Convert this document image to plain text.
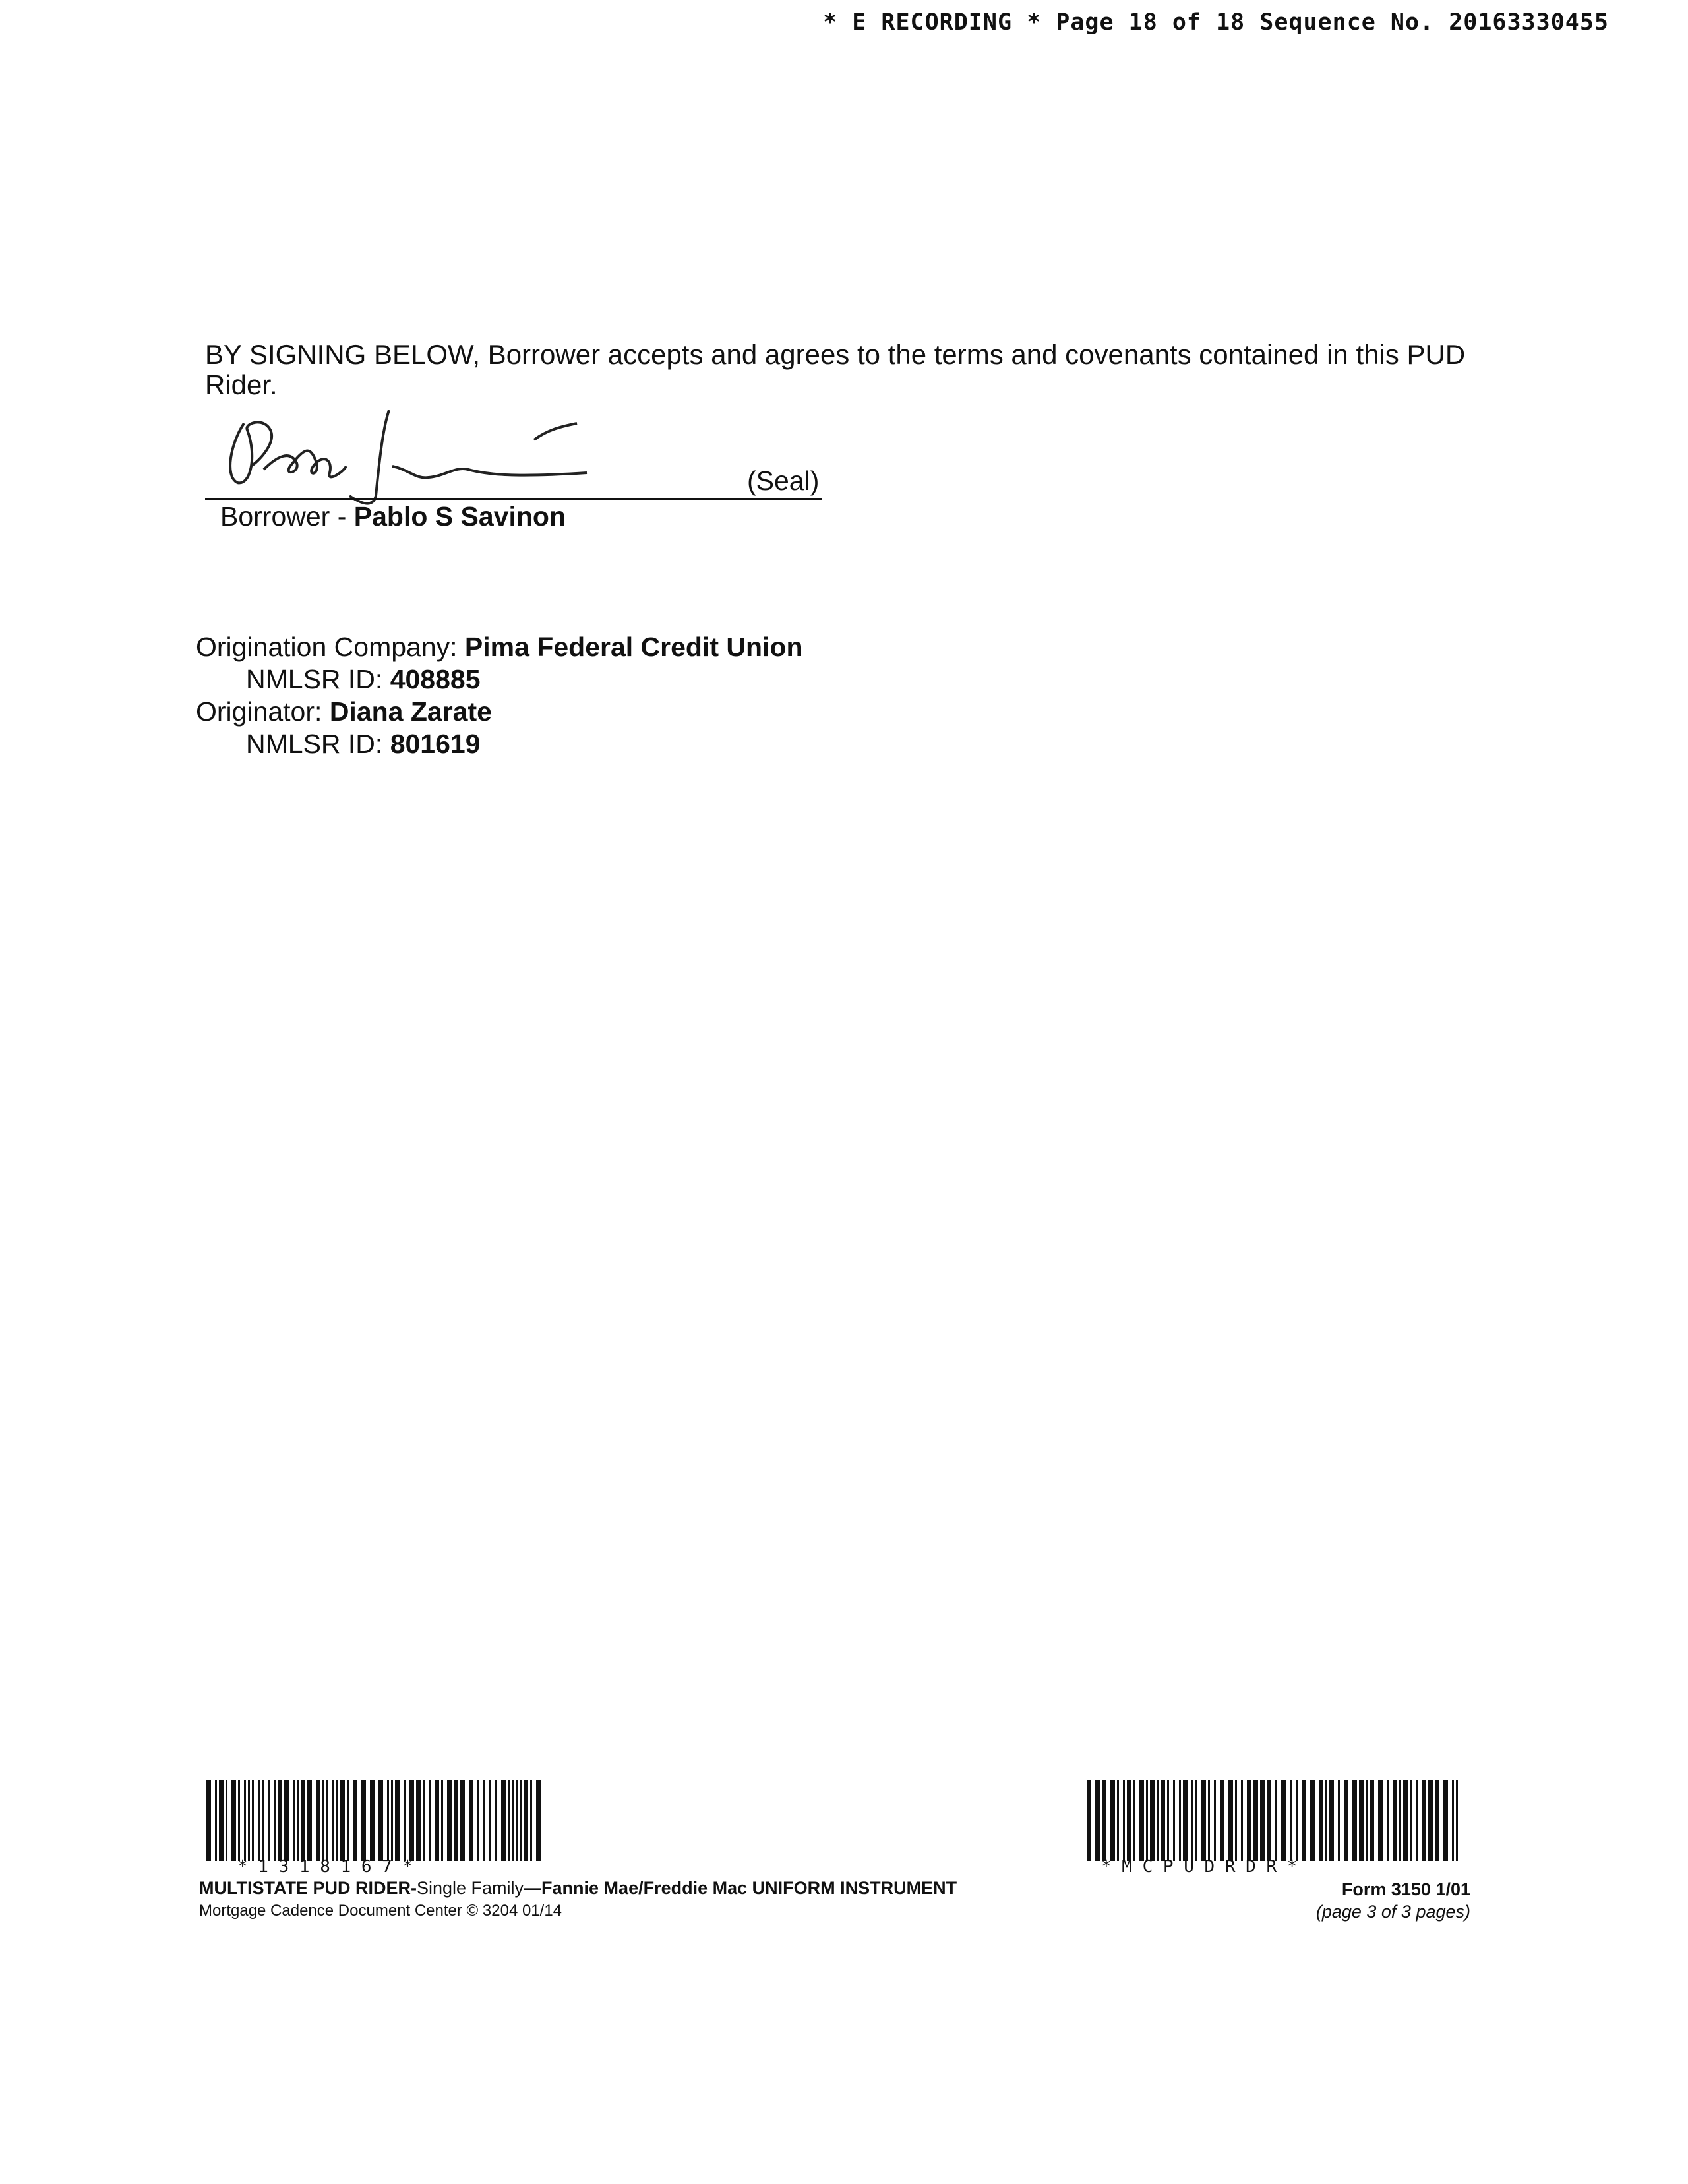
* E RECORDING * Page 18 of 18 Sequence No. 20163330455
BY SIGNING BELOW, Borrower accepts and agrees to the terms and covenants contained in this PUD Rider.
(Seal)
Borrower - Pablo S Savinon
Origination Company: Pima Federal Credit Union
NMLSR ID: 408885
Originator: Diana Zarate
NMLSR ID: 801619
* 1 3 1 8 1 6 7 *	* M C P U D R D R *
MULTISTATE PUD RIDER-Single Family—Fannie Mae/Freddie Mac UNIFORM INSTRUMENT
Mortgage Cadence Document Center © 3204 01/14
Form 3150 1/01
(page 3 of 3 pages)
